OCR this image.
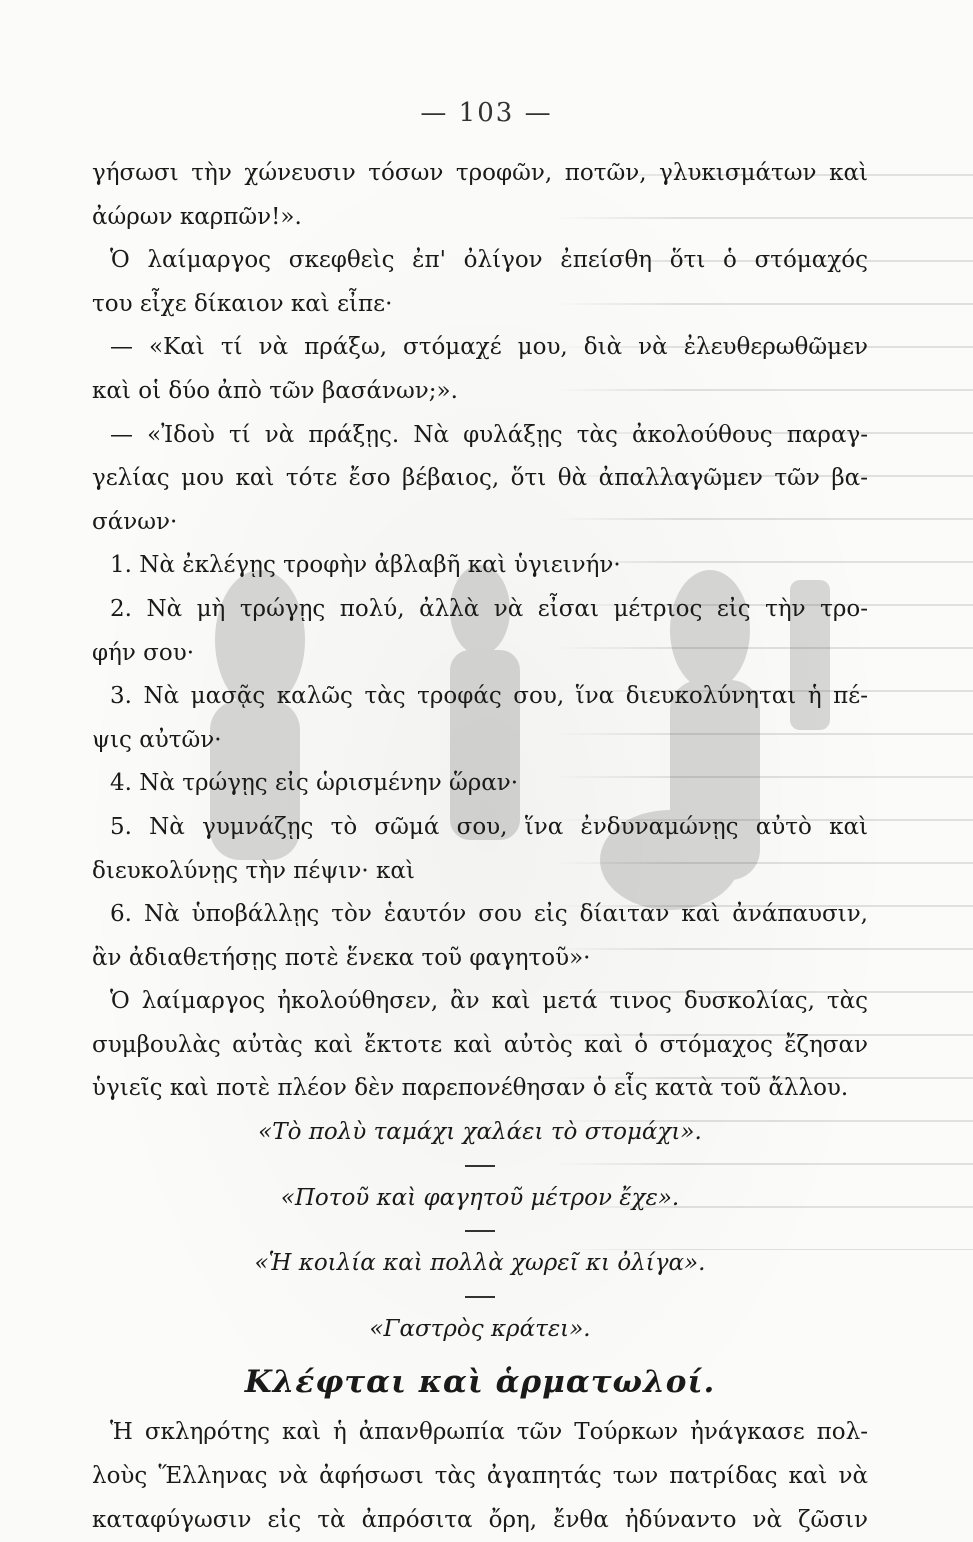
— 103 —
γήσωσι τὴν χώνευσιν τόσων τροφῶν, ποτῶν, γλυκισμάτων καὶ
ἀώρων καρπῶν!».
Ὁ λαίμαργος σκεφθεὶς ἐπ' ὀλίγον ἐπείσθη ὅτι ὁ στόμαχός
του εἶχε δίκαιον καὶ εἶπε·
— «Καὶ τί νὰ πράξω, στόμαχέ μου, διὰ νὰ ἐλευθερωθῶμεν
καὶ οἱ δύο ἀπὸ τῶν βασάνων;».
— «Ἰδοὺ τί νὰ πράξῃς. Νὰ φυλάξῃς τὰς ἀκολούθους παραγ-
γελίας μου καὶ τότε ἔσο βέβαιος, ὅτι θὰ ἀπαλλαγῶμεν τῶν βα-
σάνων·
1. Νὰ ἐκλέγῃς τροφὴν ἀβλαβῆ καὶ ὑγιεινήν·
2. Νὰ μὴ τρώγῃς πολύ, ἀλλὰ νὰ εἶσαι μέτριος εἰς τὴν τρο-
φήν σου·
3. Νὰ μασᾷς καλῶς τὰς τροφάς σου, ἵνα διευκολύνηται ἡ πέ-
ψις αὐτῶν·
4. Νὰ τρώγῃς εἰς ὡρισμένην ὥραν·
5. Νὰ γυμνάζῃς τὸ σῶμά σου, ἵνα ἐνδυναμώνῃς αὐτὸ καὶ
διευκολύνῃς τὴν πέψιν· καὶ
6. Νὰ ὑποβάλλῃς τὸν ἑαυτόν σου εἰς δίαιταν καὶ ἀνάπαυσιν,
ἂν ἀδιαθετήσῃς ποτὲ ἕνεκα τοῦ φαγητοῦ»·
Ὁ λαίμαργος ἠκολούθησεν, ἂν καὶ μετά τινος δυσκολίας, τὰς
συμβουλὰς αὐτὰς καὶ ἔκτοτε καὶ αὐτὸς καὶ ὁ στόμαχος ἔζησαν
ὑγιεῖς καὶ ποτὲ πλέον δὲν παρεπονέθησαν ὁ εἷς κατὰ τοῦ ἄλλου.
«Τὸ πολὺ ταμάχι χαλάει τὸ στομάχι».
«Ποτοῦ καὶ φαγητοῦ μέτρον ἔχε».
«Ἡ κοιλία καὶ πολλὰ χωρεῖ κι ὀλίγα».
«Γαστρὸς κράτει».
Κλέφται καὶ ἁρματωλοί.
Ἡ σκληρότης καὶ ἡ ἀπανθρωπία τῶν Τούρκων ἠνάγκασε πολ-
λοὺς Ἕλληνας νὰ ἀφήσωσι τὰς ἀγαπητάς των πατρίδας καὶ νὰ
καταφύγωσιν εἰς τὰ ἀπρόσιτα ὄρη, ἔνθα ἠδύναντο νὰ ζῶσιν
